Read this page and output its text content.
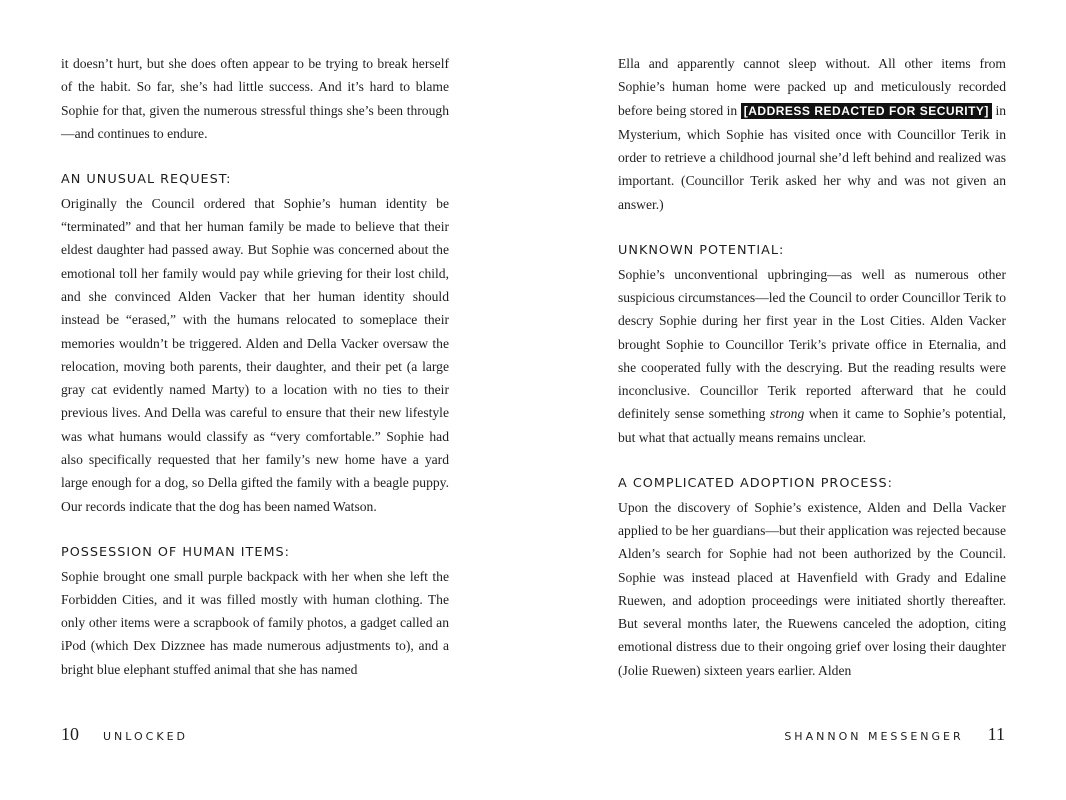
it doesn’t hurt, but she does often appear to be trying to break herself of the habit. So far, she’s had little success. And it’s hard to blame Sophie for that, given the numerous stressful things she’s been through—and continues to endure.

AN UNUSUAL REQUEST:

Originally the Council ordered that Sophie’s human identity be “terminated” and that her human family be made to believe that their eldest daughter had passed away. But Sophie was concerned about the emotional toll her family would pay while grieving for their lost child, and she convinced Alden Vacker that her human identity should instead be “erased,” with the humans relocated to someplace their memories wouldn’t be triggered. Alden and Della Vacker oversaw the relocation, moving both parents, their daughter, and their pet (a large gray cat evidently named Marty) to a location with no ties to their previous lives. And Della was careful to ensure that their new lifestyle was what humans would classify as “very comfortable.” Sophie had also specifically requested that her family’s new home have a yard large enough for a dog, so Della gifted the family with a beagle puppy. Our records indicate that the dog has been named Watson.

POSSESSION OF HUMAN ITEMS:

Sophie brought one small purple backpack with her when she left the Forbidden Cities, and it was filled mostly with human clothing. The only other items were a scrapbook of family photos, a gadget called an iPod (which Dex Dizznee has made numerous adjustments to), and a bright blue elephant stuffed animal that she has named

Ella and apparently cannot sleep without. All other items from Sophie’s human home were packed up and meticulously recorded before being stored in [ADDRESS REDACTED FOR SECURITY] in Mysterium, which Sophie has visited once with Councillor Terik in order to retrieve a childhood journal she’d left behind and realized was important. (Councillor Terik asked her why and was not given an answer.)

UNKNOWN POTENTIAL:

Sophie’s unconventional upbringing—as well as numerous other suspicious circumstances—led the Council to order Councillor Terik to descry Sophie during her first year in the Lost Cities. Alden Vacker brought Sophie to Councillor Terik’s private office in Eternalia, and she cooperated fully with the descrying. But the reading results were inconclusive. Councillor Terik reported afterward that he could definitely sense something strong when it came to Sophie’s potential, but what that actually means remains unclear.

A COMPLICATED ADOPTION PROCESS:

Upon the discovery of Sophie’s existence, Alden and Della Vacker applied to be her guardians—but their application was rejected because Alden’s search for Sophie had not been authorized by the Council. Sophie was instead placed at Havenfield with Grady and Edaline Ruewen, and adoption proceedings were initiated shortly thereafter. But several months later, the Ruewens canceled the adoption, citing emotional distress due to their ongoing grief over losing their daughter (Jolie Ruewen) sixteen years earlier. Alden

10 UNLOCKED	SHANNON MESSENGER 11
